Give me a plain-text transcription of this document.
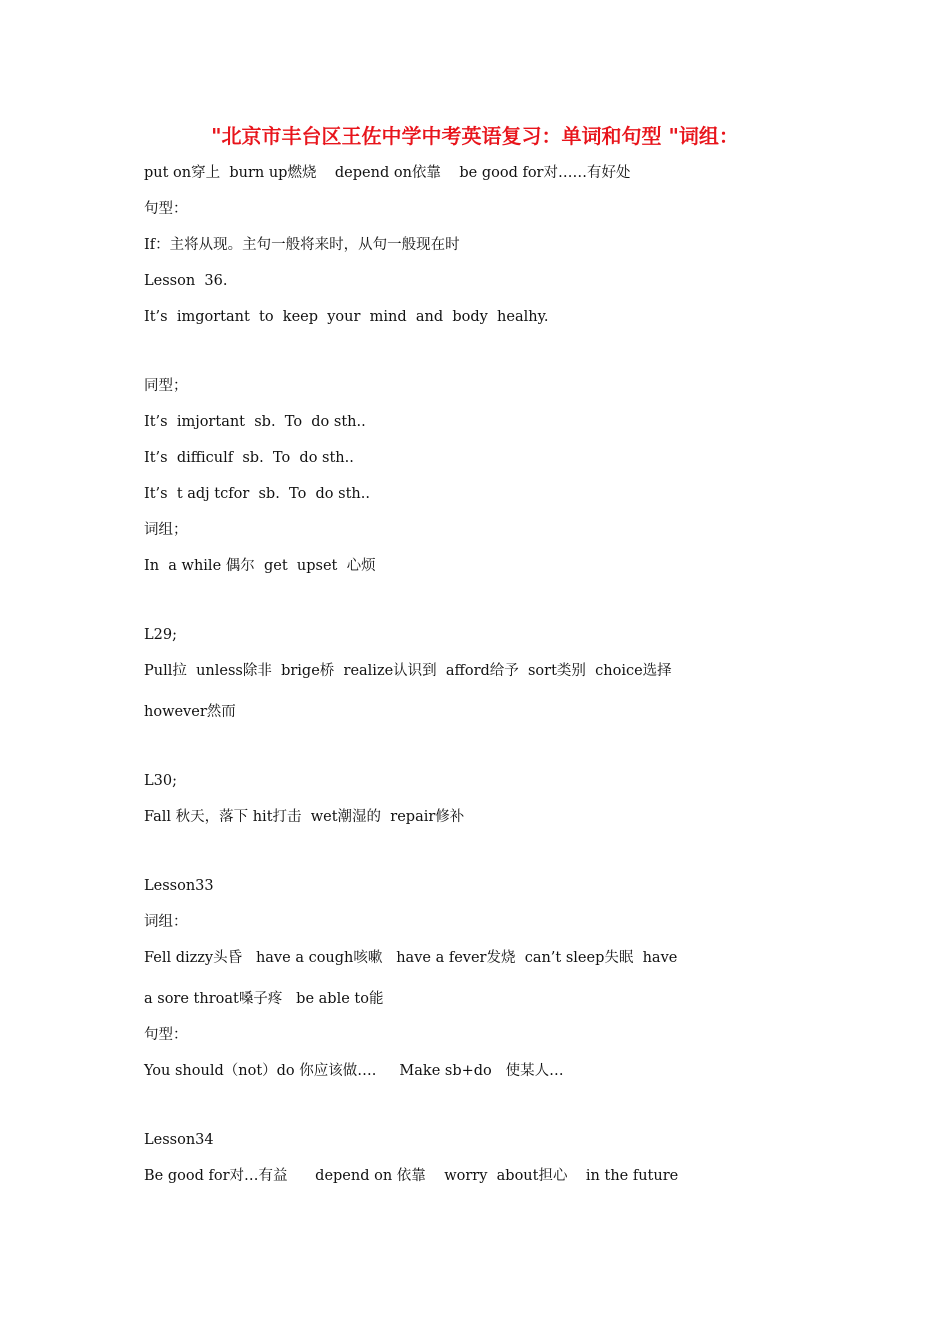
"北京市丰台区王佐中学中考英语复习：单词和句型 "词组：
put on穿上  burn up燃烧    depend on依靠    be good for对……有好处
句型：
If：主将从现。主句一般将来时，从句一般现在时
Lesson  36.
It’s  imgortant  to  keep  your  mind  and  body  healhy.
同型；
It’s  imjortant  sb.  To  do sth..
It’s  difficulf  sb.  To  do sth..
It’s  t adj tcfor  sb.  To  do sth..
词组；
In  a while 偶尔  get  upset  心烦
L29;
Pull拉  unless除非  brige桥  realize认识到  afford给予  sort类别  choice选择
however然而
L30;
Fall 秋天，落下 hit打击  wet潮湿的  repair修补
Lesson33
词组：
Fell dizzy头昏   have a cough咳嗽   have a fever发烧  can’t sleep失眠  have
a sore throat嗓子疼   be able to能
句型：
You should（not）do 你应该做….     Make sb+do   使某人…
Lesson34
Be good for对…有益      depend on 依靠    worry  about担心    in the future
